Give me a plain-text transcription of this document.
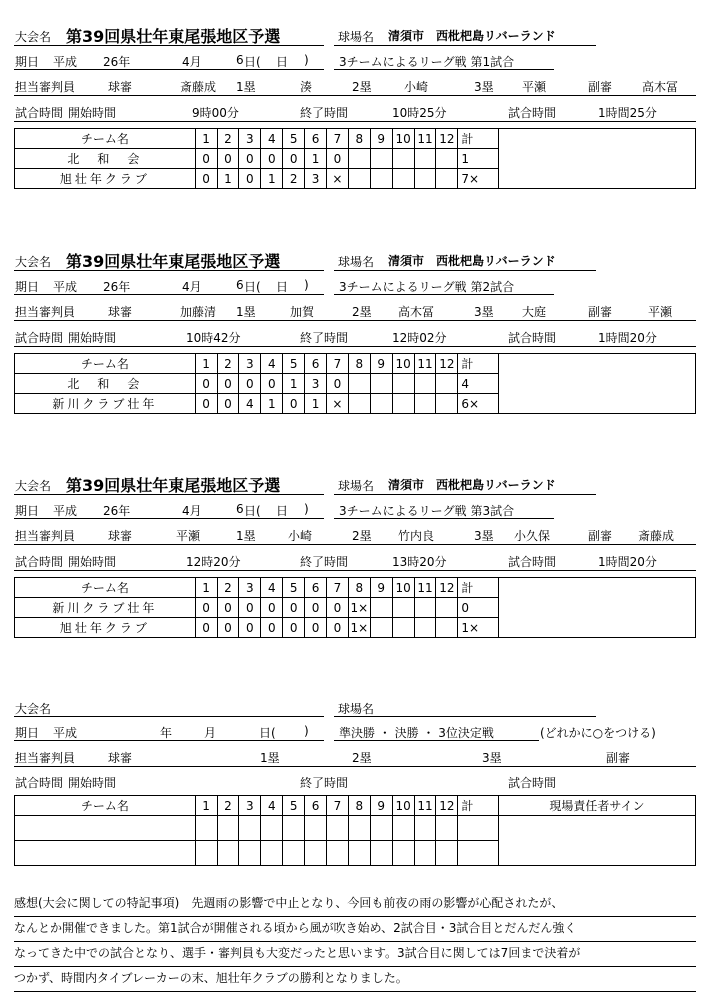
大会名 第39回県壮年東尾張地区予選	球場名 清須市　西枇杷島リバーランド
期日 平成 26年	4月	6 日( 日 )	3チームによるリーグ戦 第1試合
担当審判員	球審	斎藤成 1塁	湊	2塁	小崎	3塁 平瀬	副審 高木冨
試合時間 開始時間	9時00分	終了時間	10時25分	試合時間	1時間25分
チーム名	1	2	3	4	5	6	7	8	9	10	11	12	計	
北　和　会	0	0	0	0	0	1	0						1	
旭壮年クラブ	0	1	0	1	2	3	×						7×	
大会名 第39回県壮年東尾張地区予選	球場名 清須市　西枇杷島リバーランド
期日 平成 26年	4月	6 日( 日 )	3チームによるリーグ戦 第2試合
担当審判員	球審	加藤清 1塁	加賀	2塁 高木冨	3塁 大庭	副審	平瀬
試合時間 開始時間	10時42分	終了時間	12時02分	試合時間	1時間20分
チーム名	1	2	3	4	5	6	7	8	9	10	11	12	計	
北　和　会	0	0	0	0	1	3	0						4	
新川クラブ壮年	0	0	4	1	0	1	×						6×	
大会名 第39回県壮年東尾張地区予選	球場名 清須市　西枇杷島リバーランド
期日 平成 26年	4月	6 日( 日 )	3チームによるリーグ戦 第3試合
担当審判員	球審	平瀬	1塁	小崎	2塁 竹内良	3塁 小久保	副審 斎藤成
試合時間 開始時間	12時20分	終了時間	13時20分	試合時間	1時間20分
チーム名	1	2	3	4	5	6	7	8	9	10	11	12	計	
新川クラブ壮年	0	0	0	0	0	0	0	1×					0	
旭壮年クラブ	0	0	0	0	0	0	0	1×					1×	
大会名	球場名
期日 平成	年	月	日( )	準決勝 ・ 決勝 ・ 3位決定戦	(どれかに○をつける)
担当審判員	球審	1塁	2塁	3塁	副審
試合時間 開始時間	終了時間	試合時間
チーム名	1	2	3	4	5	6	7	8	9	10	11	12	計	現場責任者サイン

感想(大会に関しての特記事項)　先週雨の影響で中止となり、今回も前夜の雨の影響が心配されたが、
なんとか開催できました。第1試合が開催される頃から風が吹き始め、2試合目・3試合目とだんだん強く
なってきた中での試合となり、選手・審判員も大変だったと思います。3試合目に関しては7回まで決着が
つかず、時間内タイブレーカーの末、旭壮年クラブの勝利となりました。
